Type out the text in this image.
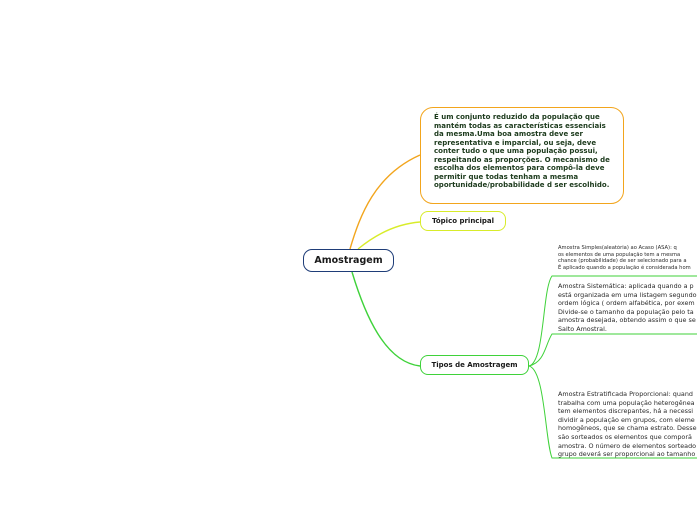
Amostragem
É um conjunto reduzido da população que mantém todas as características essenciais da mesma.Uma boa amostra deve ser representativa e imparcial, ou seja, deve conter tudo o que uma população possui, respeitando as proporções. O mecanismo de escolha dos elementos para compô-la deve permitir que todas tenham a mesma oportunidade/probabilidade d ser escolhido.
Tópico principal
Tipos de Amostragem
Amostra Simples(aleatória) ao Acaso (ASA): q
os elementos de uma população tem a mesma
chance (probabilidade) de ser selecionado para a
É aplicado quando a população é considerada hom
Amostra Sistemática: aplicada quando a p
está organizada em uma listagem segundo
ordem lógica ( ordem alfabética, por exem
Divide-se o tamanho da população pelo ta
amostra desejada, obtendo assim o que se
Salto Amostral.
Amostra Estratificada Proporcional: quand
trabalha com uma população heterogênea
tem elementos discrepantes, há a necessi
dividir a população em grupos, com eleme
homogêneos, que se chama estrato. Desse
são sorteados os elementos que comporã
amostra. O número de elementos sorteado
grupo deverá ser proporcional ao tamanho
